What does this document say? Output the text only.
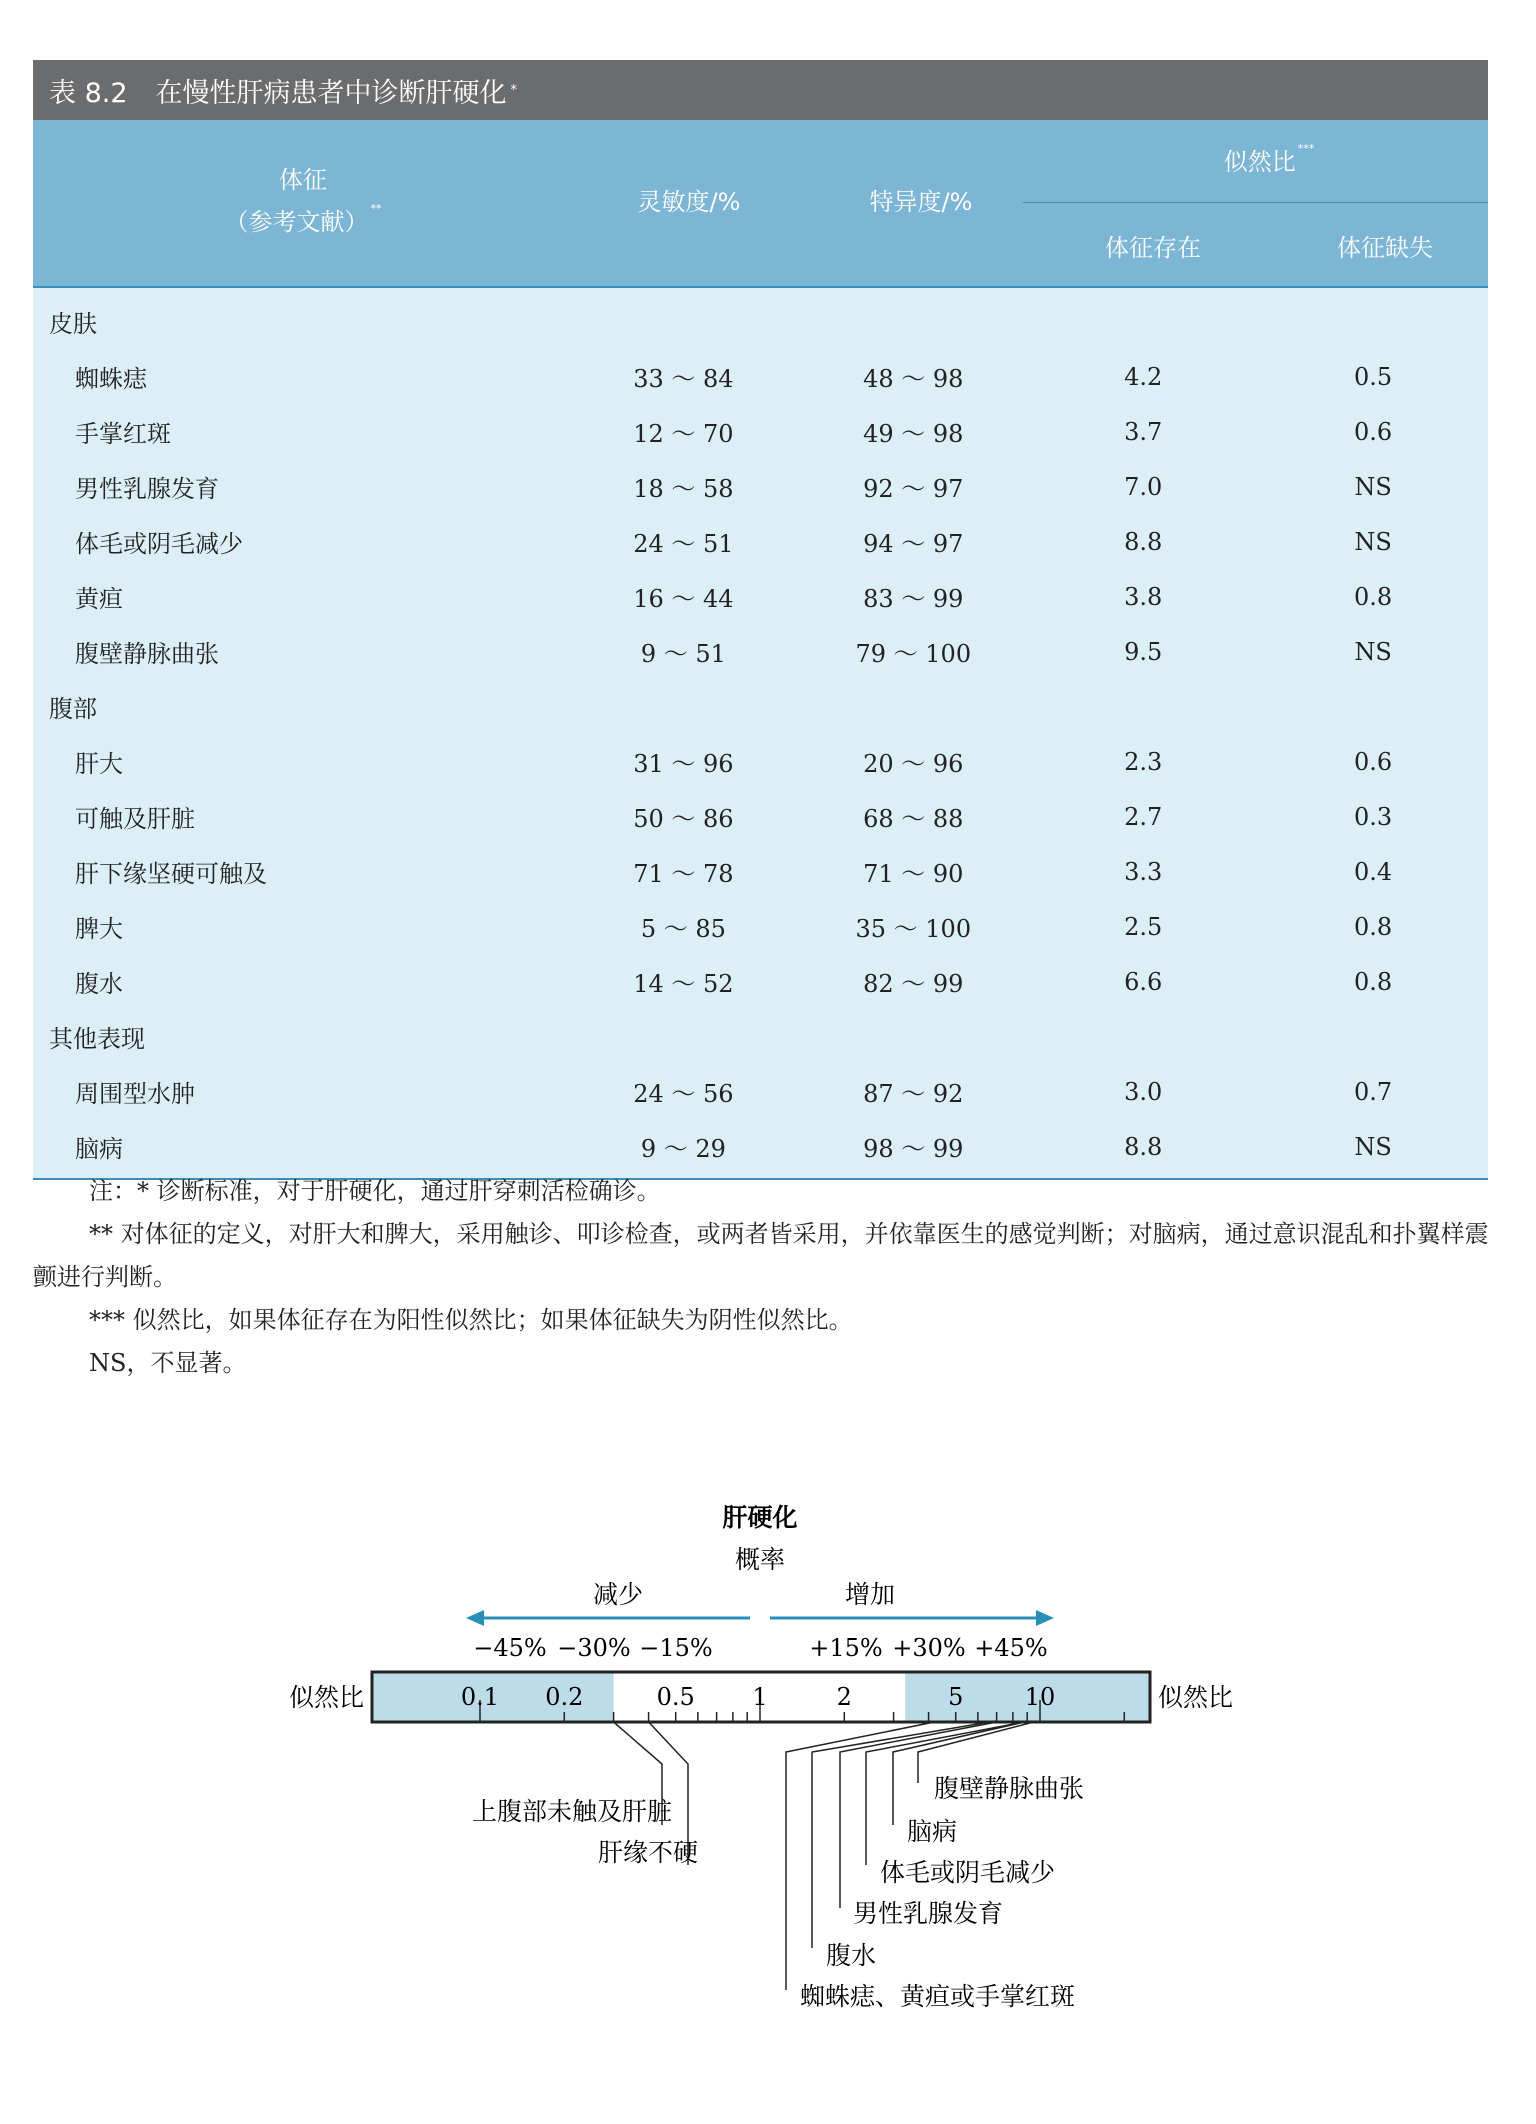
表 8.2 在慢性肝病患者中诊断肝硬化 *
体征
（参考文献） **	灵敏度/%	特异度/%
似然比 ***
体征存在	体征缺失
皮肤
蜘蛛痣	33 ～ 84	48 ～ 98	4.2	0.5
手掌红斑	12 ～ 70	49 ～ 98	3.7	0.6
男性乳腺发育	18 ～ 58	92 ～ 97	7.0	NS
体毛或阴毛减少	24 ～ 51	94 ～ 97	8.8	NS
黄疸	16 ～ 44	83 ～ 99	3.8	0.8
腹壁静脉曲张	9 ～ 51	79 ～ 100	9.5	NS
腹部
肝大	31 ～ 96	20 ～ 96	2.3	0.6
可触及肝脏	50 ～ 86	68 ～ 88	2.7	0.3
肝下缘坚硬可触及	71 ～ 78	71 ～ 90	3.3	0.4
脾大	5 ～ 85	35 ～ 100	2.5	0.8
腹水	14 ～ 52	82 ～ 99	6.6	0.8
其他表现
周围型水肿	24 ～ 56	87 ～ 92	3.0	0.7
脑病	9 ～ 29	98 ～ 99	8.8	NS

注：* 诊断标准，对于肝硬化，通过肝穿刺活检确诊。

** 对体征的定义，对肝大和脾大，采用触诊、叩诊检查，或两者皆采用，并依靠医生的感觉判断；对脑病，通过意识混乱和扑翼样震颤进行判断。

*** 似然比，如果体征存在为阳性似然比；如果体征缺失为阴性似然比。

NS，不显著。

0.1 0.2	0.5 1	2	5	10
似然比	似然比
肝硬化
概率
减少	增加
−45% −30% −15%	+15% +30% +45%
上腹部未触及肝脏
肝缘不硬
腹壁静脉曲张
脑病
体毛或阴毛减少
男性乳腺发育
腹水
蜘蛛痣、黄疸或手掌红斑
